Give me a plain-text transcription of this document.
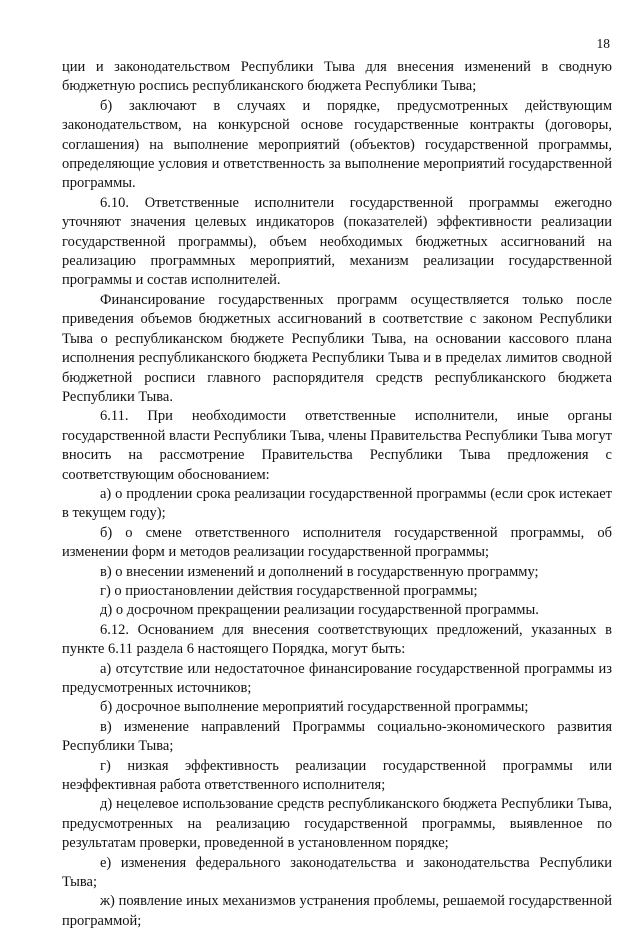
18

ции и законодательством Республики Тыва для внесения изменений в сводную бюджетную роспись республиканского бюджета Республики Тыва;

б) заключают в случаях и порядке, предусмотренных действующим законодательством, на конкурсной основе государственные контракты (договоры, соглашения) на выполнение мероприятий (объектов) государственной программы, определяющие условия и ответственность за выполнение мероприятий государственной программы.

6.10. Ответственные исполнители государственной программы ежегодно уточняют значения целевых индикаторов (показателей) эффективности реализации государственной программы), объем необходимых бюджетных ассигнований на реализацию программных мероприятий, механизм реализации государственной программы и состав исполнителей.

Финансирование государственных программ осуществляется только после приведения объемов бюджетных ассигнований в соответствие с законом Республики Тыва о республиканском бюджете Республики Тыва, на основании кассового плана исполнения республиканского бюджета Республики Тыва и в пределах лимитов сводной бюджетной росписи главного распорядителя средств республиканского бюджета Республики Тыва.

6.11. При необходимости ответственные исполнители, иные органы государственной власти Республики Тыва, члены Правительства Республики Тыва могут вносить на рассмотрение Правительства Республики Тыва предложения с соответствующим обоснованием:

а) о продлении срока реализации государственной программы (если срок истекает в текущем году);

б) о смене ответственного исполнителя государственной программы, об изменении форм и методов реализации государственной программы;

в) о внесении изменений и дополнений в государственную программу;

г) о приостановлении действия государственной программы;

д) о досрочном прекращении реализации государственной программы.

6.12. Основанием для внесения соответствующих предложений, указанных в пункте 6.11 раздела 6 настоящего Порядка, могут быть:

а) отсутствие или недостаточное финансирование государственной программы из предусмотренных источников;

б) досрочное выполнение мероприятий государственной программы;

в) изменение направлений Программы социально-экономического развития Республики Тыва;

г) низкая эффективность реализации государственной программы или неэффективная работа ответственного исполнителя;

д) нецелевое использование средств республиканского бюджета Республики Тыва, предусмотренных на реализацию государственной программы, выявленное по результатам проверки, проведенной в установленном порядке;

е) изменения федерального законодательства и законодательства Республики Тыва;

ж) появление иных механизмов устранения проблемы, решаемой государственной программой;
